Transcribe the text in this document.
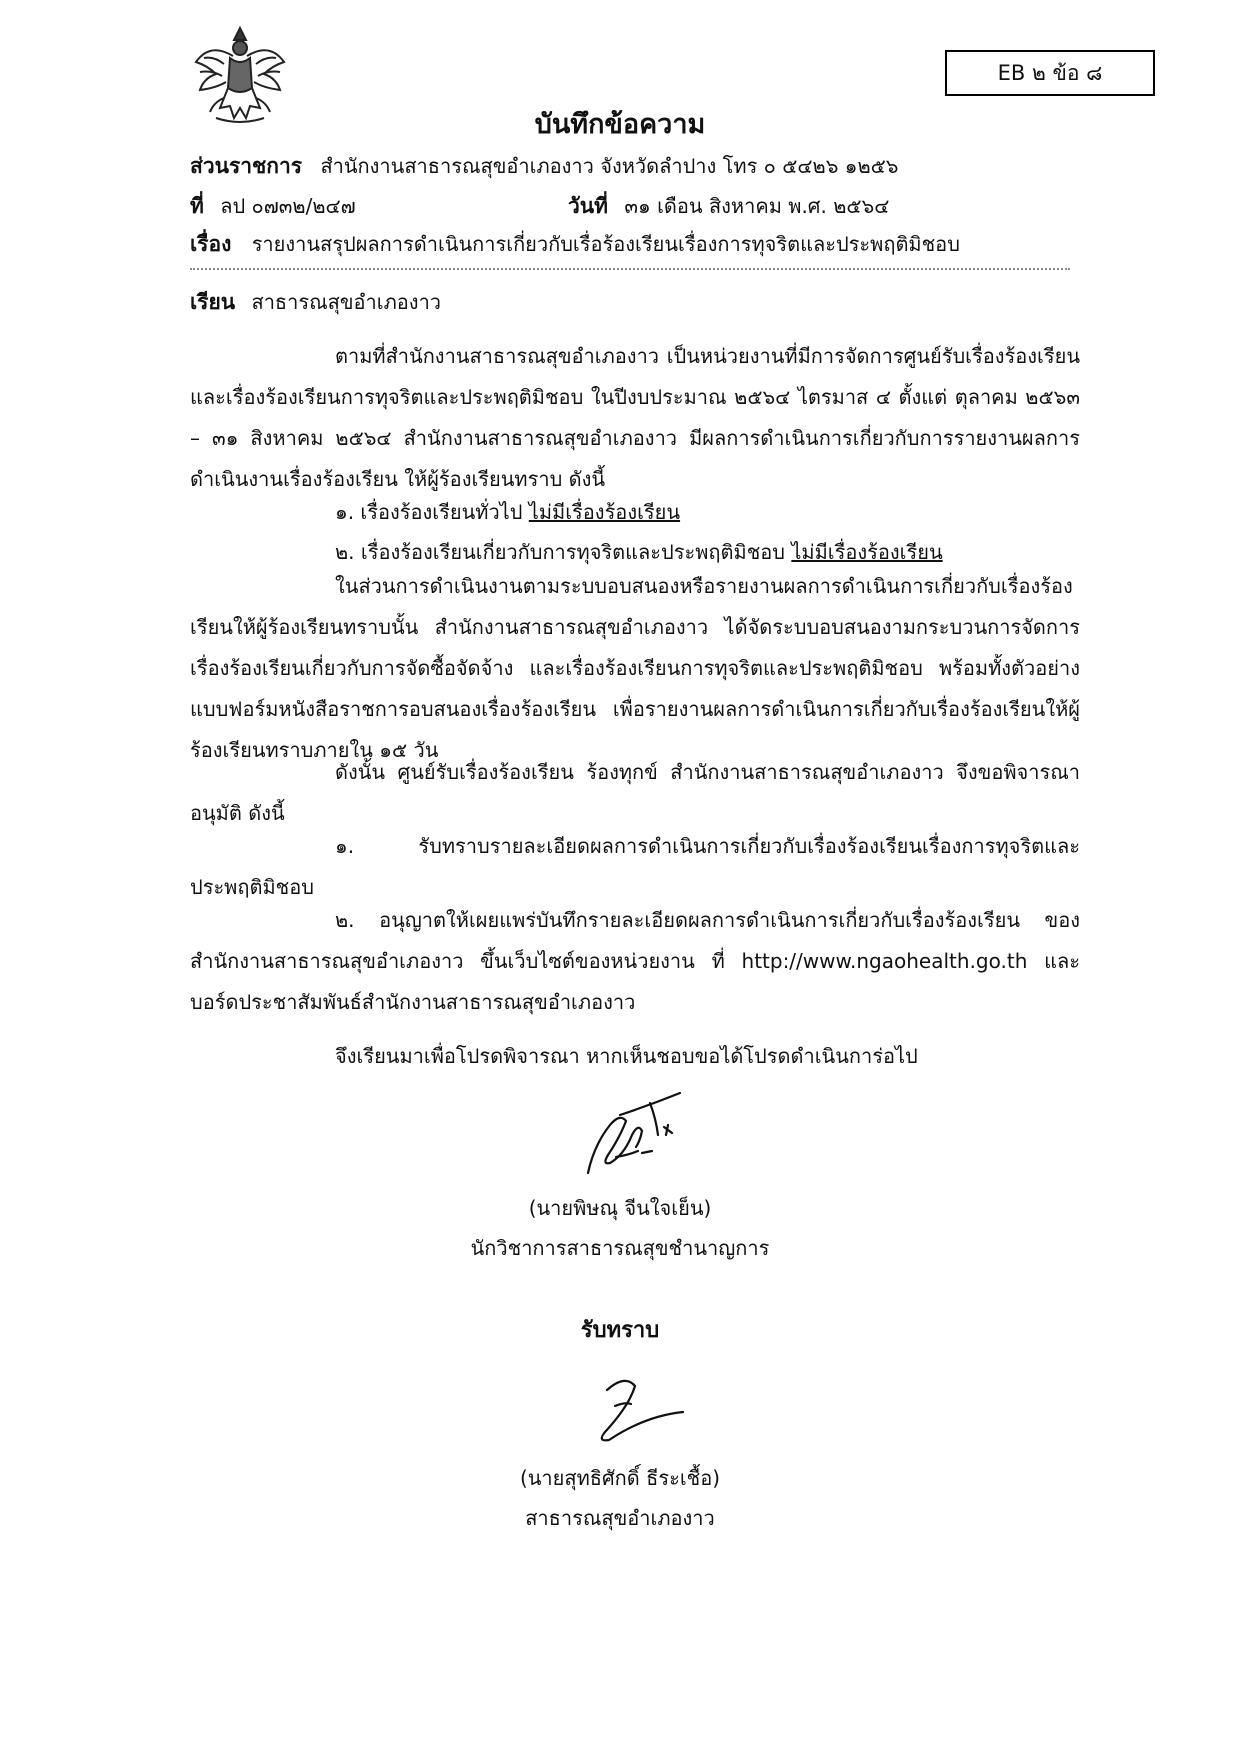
EB ๒ ข้อ ๘
บันทึกข้อความ
ส่วนราชการ สำนักงานสาธารณสุขอำเภองาว จังหวัดลำปาง โทร ๐ ๕๔๒๖ ๑๒๕๖
ที่ ลป ๐๗๓๒/๒๔๗	วันที่ ๓๑ เดือน สิงหาคม พ.ศ. ๒๕๖๔
เรื่อง รายงานสรุปผลการดำเนินการเกี่ยวกับเรื่อร้องเรียนเรื่องการทุจริตและประพฤติมิชอบ
เรียน สาธารณสุขอำเภองาว
ตามที่สำนักงานสาธารณสุขอำเภองาว เป็นหน่วยงานที่มีการจัดการศูนย์รับเรื่องร้องเรียน และเรื่องร้องเรียนการทุจริตและประพฤติมิชอบ ในปีงบประมาณ ๒๕๖๔ ไตรมาส ๔ ตั้งแต่ ตุลาคม ๒๕๖๓ – ๓๑ สิงหาคม ๒๕๖๔ สำนักงานสาธารณสุขอำเภองาว มีผลการดำเนินการเกี่ยวกับการรายงานผลการดำเนินงานเรื่องร้องเรียน ให้ผู้ร้องเรียนทราบ ดังนี้
๑. เรื่องร้องเรียนทั่วไป ไม่มีเรื่องร้องเรียน
๒. เรื่องร้องเรียนเกี่ยวกับการทุจริตและประพฤติมิชอบ ไม่มีเรื่องร้องเรียน
ในส่วนการดำเนินงานตามระบบอบสนองหรือรายงานผลการดำเนินการเกี่ยวกับเรื่องร้องเรียนให้ผู้ร้องเรียนทราบนั้น สำนักงานสาธารณสุขอำเภองาว ได้จัดระบบอบสนองามกระบวนการจัดการเรื่องร้องเรียนเกี่ยวกับการจัดซื้อจัดจ้าง และเรื่องร้องเรียนการทุจริตและประพฤติมิชอบ พร้อมทั้งตัวอย่างแบบฟอร์มหนังสือราชการอบสนองเรื่องร้องเรียน เพื่อรายงานผลการดำเนินการเกี่ยวกับเรื่องร้องเรียนให้ผู้ร้องเรียนทราบภายใน ๑๕ วัน
ดังนั้น ศูนย์รับเรื่องร้องเรียน ร้องทุกข์ สำนักงานสาธารณสุขอำเภองาว จึงขอพิจารณาอนุมัติ ดังนี้
๑. รับทราบรายละเอียดผลการดำเนินการเกี่ยวกับเรื่องร้องเรียนเรื่องการทุจริตและประพฤติมิชอบ
๒. อนุญาตให้เผยแพร่บันทึกรายละเอียดผลการดำเนินการเกี่ยวกับเรื่องร้องเรียน ของสำนักงานสาธารณสุขอำเภองาว ขึ้นเว็บไซต์ของหน่วยงาน ที่ http://www.ngaohealth.go.th และบอร์ดประชาสัมพันธ์สำนักงานสาธารณสุขอำเภองาว
จึงเรียนมาเพื่อโปรดพิจารณา หากเห็นชอบขอได้โปรดดำเนินการ่อไป
(นายพิษณุ จีนใจเย็น)
นักวิชาการสาธารณสุขชำนาญการ
รับทราบ
(นายสุทธิศักดิ์ ธีระเชื้อ)
สาธารณสุขอำเภองาว
